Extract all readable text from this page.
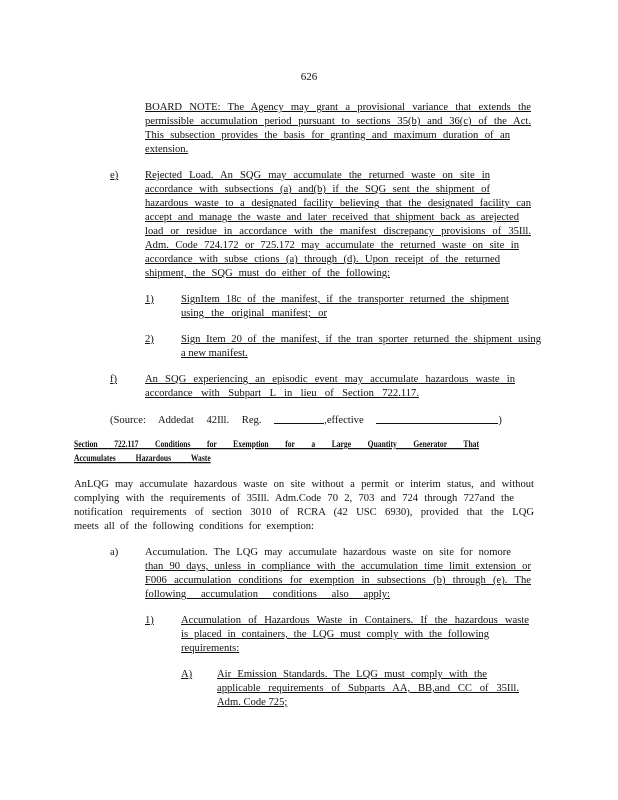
626
BOARD NOTE: The Agency may grant a provisional variance that extends the
permissible accumulation period pursuant to sections 35(b) and 36(c) of the Act.
This subsection provides the basis for granting and maximum duration of an
extension.
e)	Rejected Load. An SQG may accumulate the returned waste on site in
accordance with subsections (a) and(b) if the SQG sent the shipment of
hazardous waste to a designated facility believing that the designated facility can
accept and manage the waste and later received that shipment back as arejected
load or residue in accordance with the manifest discrepancy provisions of 35Ill.
Adm. Code 724.172 or 725.172 may accumulate the returned waste on site in
accordance with subse ctions (a) through (d). Upon receipt of the returned
shipment, the SQG must do either of the following:
1)	SignItem 18c of the manifest, if the transporter returned the shipment
using the original manifest; or
2)	Sign Item 20 of the manifest, if the tran sporter returned the shipment using
a new manifest.
f)	An SQG experiencing an episodic event may accumulate hazardous waste in
accordance with Subpart L in lieu of Section 722.117.
(Source: Addedat 42Ill. Reg.	,effective	)
Section 722.117 Conditions for Exemption for a Large Quantity Generator That
Accumulates Hazardous Waste
AnLQG may accumulate hazardous waste on site without a permit or interim status, and without
complying with the requirements of 35Ill. Adm.Code 70 2, 703 and 724 through 727and the
notification requirements of section 3010 of RCRA (42 USC 6930), provided that the LQG
meets all of the following conditions for exemption:
a)	Accumulation. The LQG may accumulate hazardous waste on site for nomore
than 90 days, unless in compliance with the accumulation time limit extension or
F006 accumulation conditions for exemption in subsections (b) through (e). The
following accumulation conditions also apply:
1)	Accumulation of Hazardous Waste in Containers. If the hazardous waste
is placed in containers, the LQG must comply with the following
requirements:
A) Air Emission Standards. The LQG must comply with the
applicable requirements of Subparts AA, BB,and CC of 35Ill.
Adm. Code 725;
